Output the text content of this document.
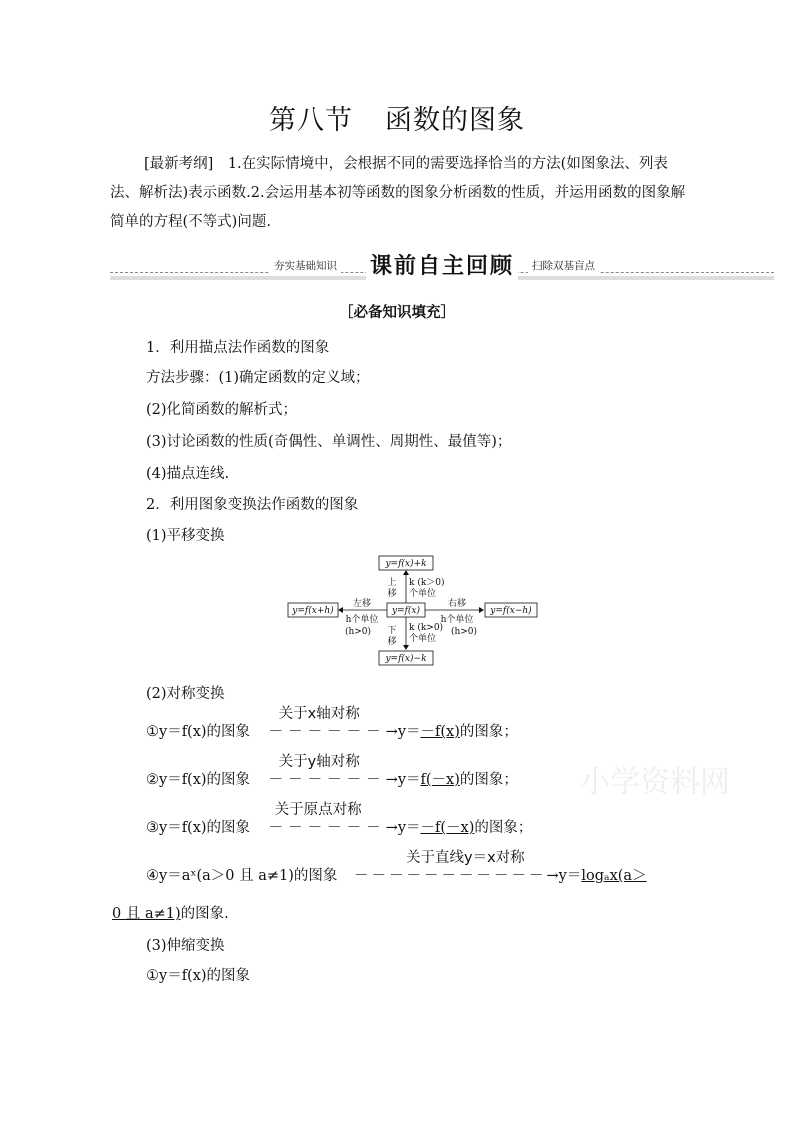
第八节 函数的图象
[最新考纲]　 1.在实际情境中，会根据不同的需要选择恰当的方法(如图象法、列表法、解析法)表示函数.2.会运用基本初等函数的图象分析函数的性质，并运用函数的图象解简单的方程(不等式)问题.
夯实基础知识 课前自主回顾	扫除双基盲点
［必备知识填充］
1．利用描点法作函数的图象
方法步骤：(1)确定函数的定义域；
(2)化简函数的解析式；
(3)讨论函数的性质(奇偶性、单调性、周期性、最值等)；
(4)描点连线.
2．利用图象变换法作函数的图象
(1)平移变换
y=f(x)+k
y=f(x)
y=f(x+h)	y=f(x−h)
y=f(x)−k
上
移
k (k＞0)
个单位
下
移
k (k>0)
个单位
左移
h个单位
(h>0)
右移
h个单位
(h>0)
(2)对称变换
①y＝f(x)的图象
关于x轴对称
－－－－－－→y＝－f(x)的图象；
②y＝f(x)的图象
关于y轴对称
－－－－－－→y＝f(－x)的图象；
③y＝f(x)的图象
关于原点对称
－－－－－－→y＝－f(－x)的图象；
④y＝aˣ(a＞0 且 a≠1)的图象
关于直线y＝x对称
－－－－－－－－－－－→y＝logₐx(a＞
0 且 a≠1)的图象.
(3)伸缩变换
①y＝f(x)的图象
小学资料网
